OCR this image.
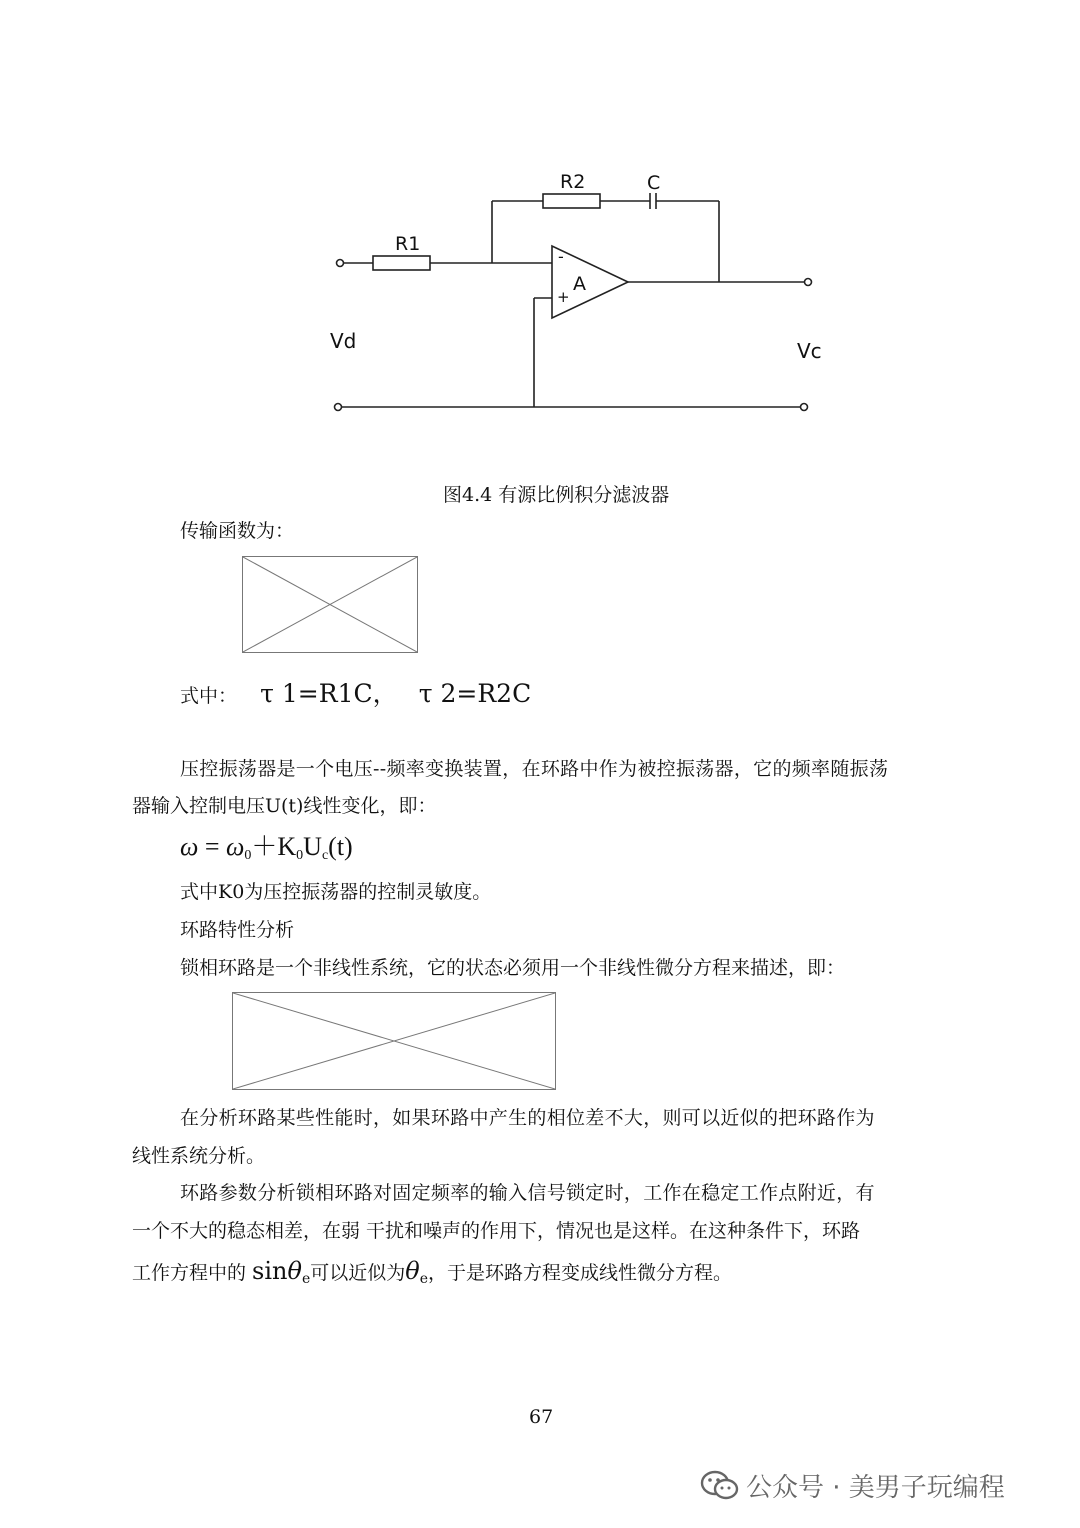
R1
R2	C
-
+
A
Vd	Vc
图4.4 有源比例积分滤波器
传输函数为：
式中： τ 1=R1C， τ 2=R2C
压控振荡器是一个电压--频率变换装置，在环路中作为被控振荡器，它的频率随振荡
器输入控制电压U(t)线性变化，即：
$\omega = \omega_0+K_0U_c(t)$
式中K0为压控振荡器的控制灵敏度。
环路特性分析
锁相环路是一个非线性系统，它的状态必须用一个非线性微分方程来描述，即：
在分析环路某些性能时，如果环路中产生的相位差不大，则可以近似的把环路作为
线性系统分析。
环路参数分析锁相环路对固定频率的输入信号锁定时，工作在稳定工作点附近，有
一个不大的稳态相差，在弱 干扰和噪声的作用下，情况也是这样。在这种条件下，环路
工作方程中的 sinθ$_e$可以近似为$\theta_e$，于是环路方程变成线性微分方程。
67
公众号 · 美男子玩编程
